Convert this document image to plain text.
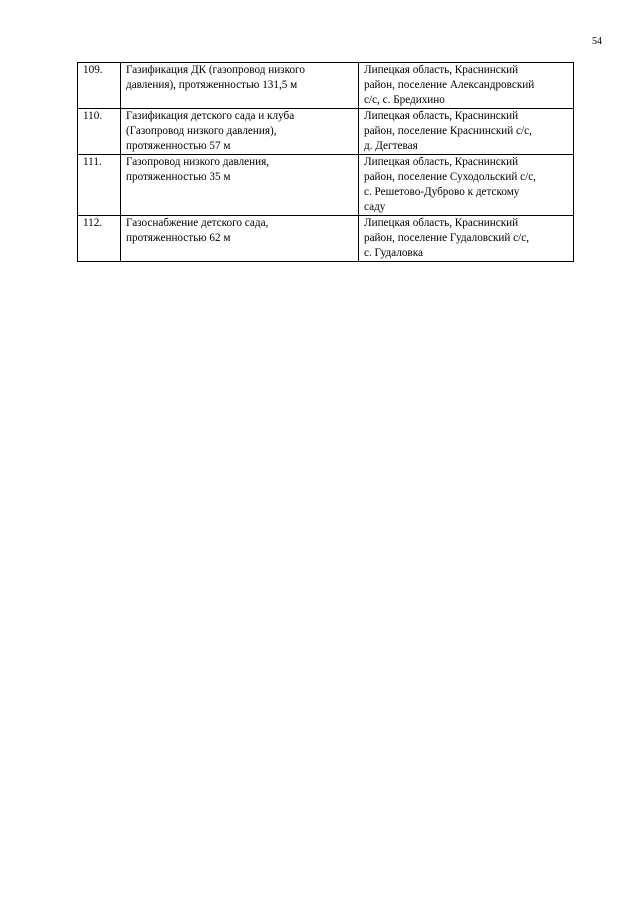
54
109.	Газификация ДК (газопровод низкого
давления), протяженностью 131,5 м	Липецкая область, Краснинский
район, поселение Александровский
с/с, с. Бредихино

110.	Газификация детского сада и клуба
(Газопровод низкого давления),
протяженностью 57 м	Липецкая область, Краснинский
район, поселение Краснинский с/с,
д. Дегтевая

111.	Газопровод низкого давления,
протяженностью 35 м	Липецкая область, Краснинский
район, поселение Суходольский с/с,
с. Решетово-Дуброво к детскому
саду

112.	Газоснабжение детского сада,
протяженностью 62 м	Липецкая область, Краснинский
район, поселение Гудаловский с/с,
с. Гудаловка
